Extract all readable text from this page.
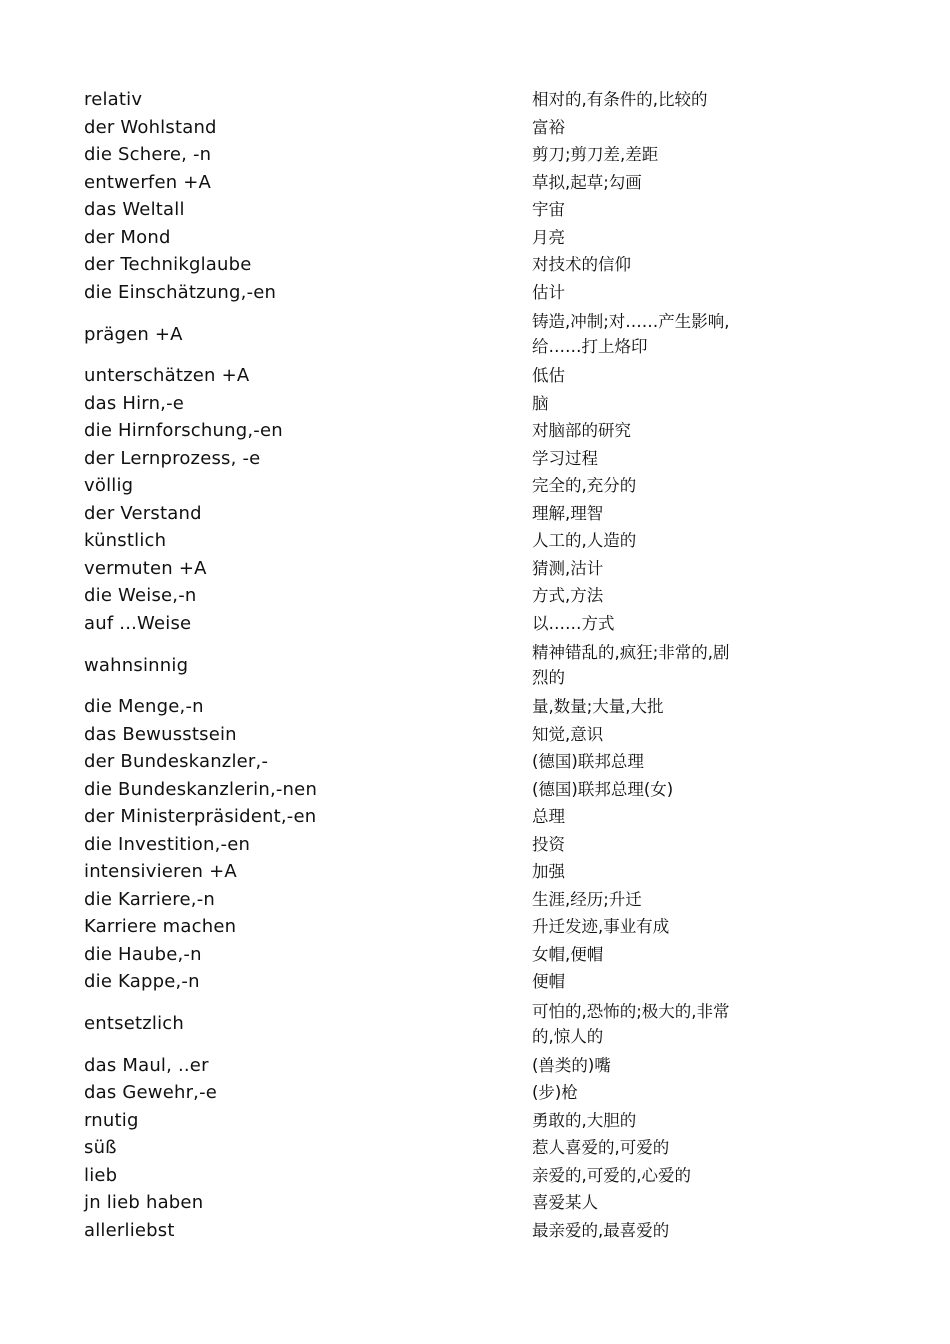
relativ	相对的,有条件的,比较的
der Wohlstand	富裕
die Schere, -n	剪刀;剪刀差,差距
entwerfen +A	草拟,起草;勾画
das Weltall	宇宙
der Mond	月亮
der Technikglaube	对技术的信仰
die Einschätzung,-en	估计
prägen +A	铸造,冲制;对……产生影响,给……打上烙印
unterschätzen +A	低估
das Hirn,-e	脑
die Hirnforschung,-en	对脑部的研究
der Lernprozess, -e	学习过程
völlig	完全的,充分的
der Verstand	理解,理智
künstlich	人工的,人造的
vermuten +A	猜测,沽计
die Weise,-n	方式,方法
auf ...Weise	以……方式
wahnsinnig	精神错乱的,疯狂;非常的,剧烈的
die Menge,-n	量,数量;大量,大批
das Bewusstsein	知觉,意识
der Bundeskanzler,-	(德国)联邦总理
die Bundeskanzlerin,-nen	(德国)联邦总理(女)
der Ministerpräsident,-en	总理
die Investition,-en	投资
intensivieren +A	加强
die Karriere,-n	生涯,经历;升迁
Karriere machen	升迁发迹,事业有成
die Haube,-n	女帽,便帽
die Kappe,-n	便帽
entsetzlich	可怕的,恐怖的;极大的,非常的,惊人的
das Maul, ..er	(兽类的)嘴
das Gewehr,-e	(步)枪
rnutig	勇敢的,大胆的
süß	惹人喜爱的,可爱的
lieb	亲爱的,可爱的,心爱的
jn lieb haben	喜爱某人
allerliebst	最亲爱的,最喜爱的
